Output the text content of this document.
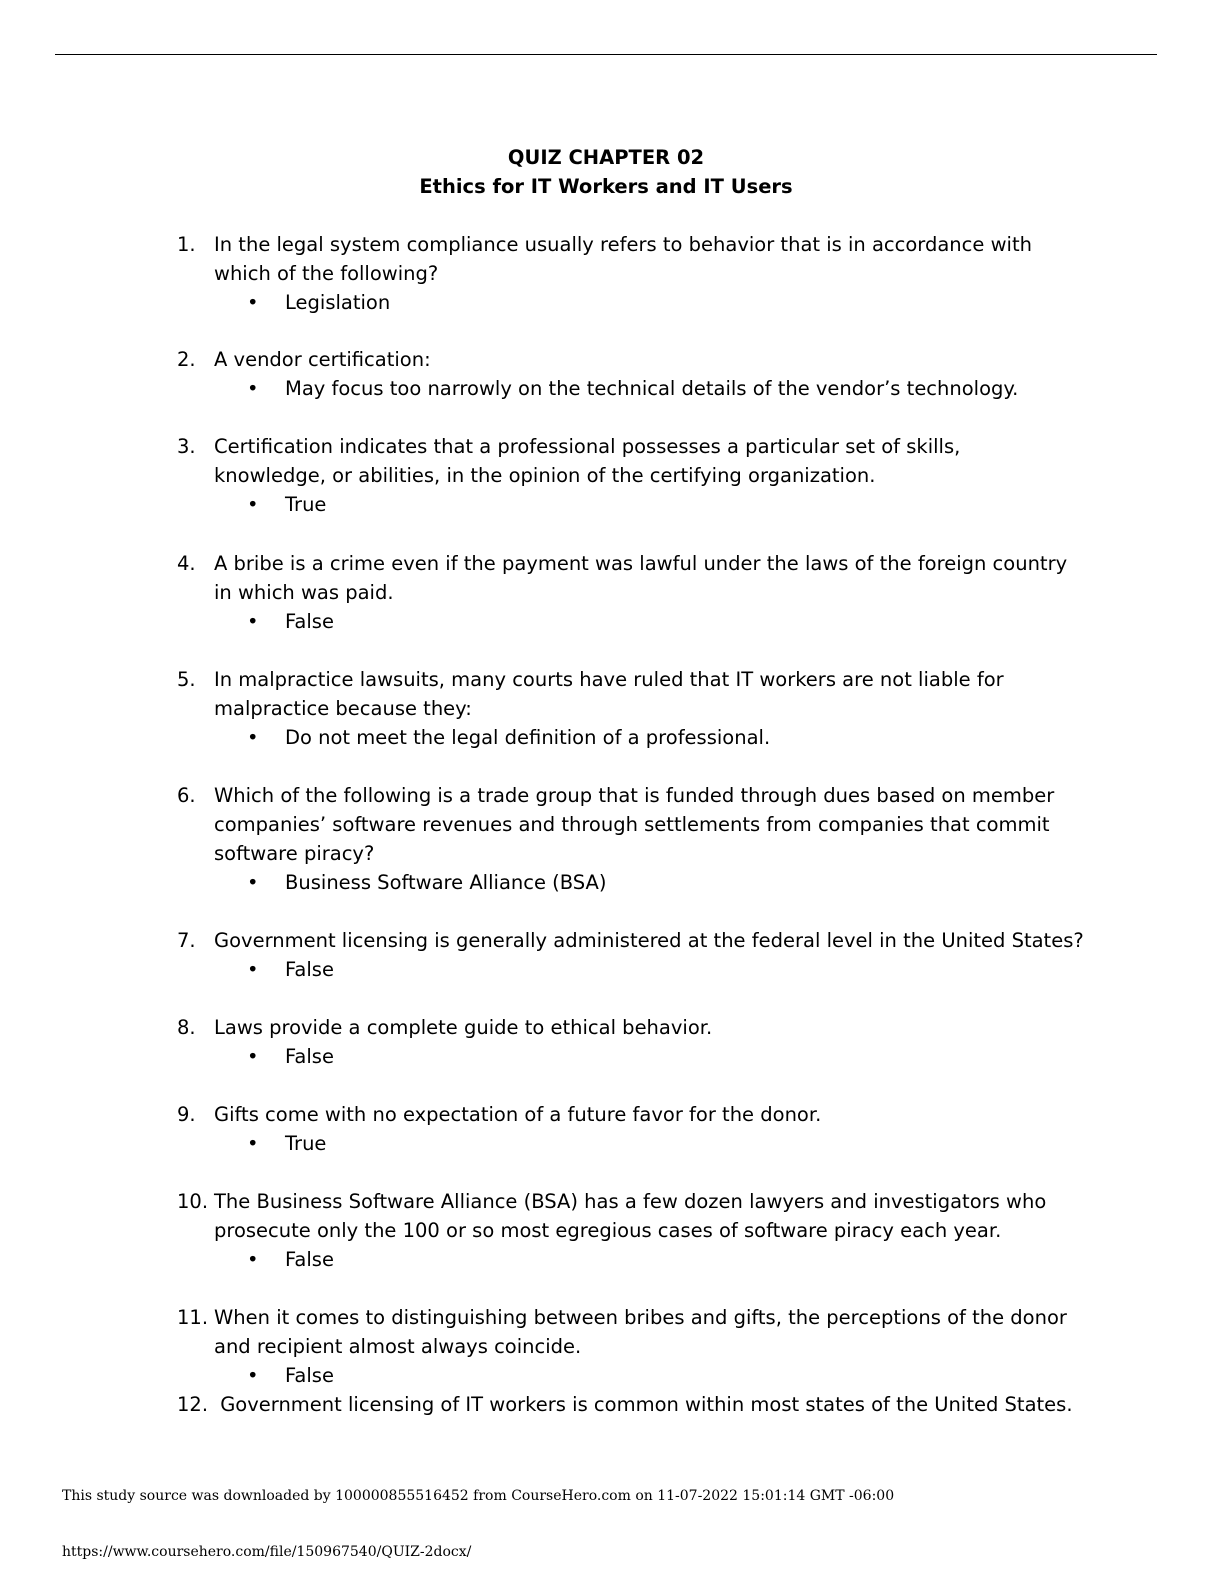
QUIZ CHAPTER 02
Ethics for IT Workers and IT Users
1. In the legal system compliance usually refers to behavior that is in accordance with which of the following?
• Legislation
2. A vendor certification:
• May focus too narrowly on the technical details of the vendor’s technology.
3. Certification indicates that a professional possesses a particular set of skills, knowledge, or abilities, in the opinion of the certifying organization.
• True
4. A bribe is a crime even if the payment was lawful under the laws of the foreign country in which was paid.
• False
5. In malpractice lawsuits, many courts have ruled that IT workers are not liable for malpractice because they:
• Do not meet the legal definition of a professional.
6. Which of the following is a trade group that is funded through dues based on member companies’ software revenues and through settlements from companies that commit software piracy?
• Business Software Alliance (BSA)
7. Government licensing is generally administered at the federal level in the United States?
• False
8. Laws provide a complete guide to ethical behavior.
• False
9. Gifts come with no expectation of a future favor for the donor.
• True
10. The Business Software Alliance (BSA) has a few dozen lawyers and investigators who prosecute only the 100 or so most egregious cases of software piracy each year.
• False
11. When it comes to distinguishing between bribes and gifts, the perceptions of the donor and recipient almost always coincide.
• False
12. Government licensing of IT workers is common within most states of the United States.
This study source was downloaded by 100000855516452 from CourseHero.com on 11-07-2022 15:01:14 GMT -06:00
https://www.coursehero.com/file/150967540/QUIZ-2docx/
